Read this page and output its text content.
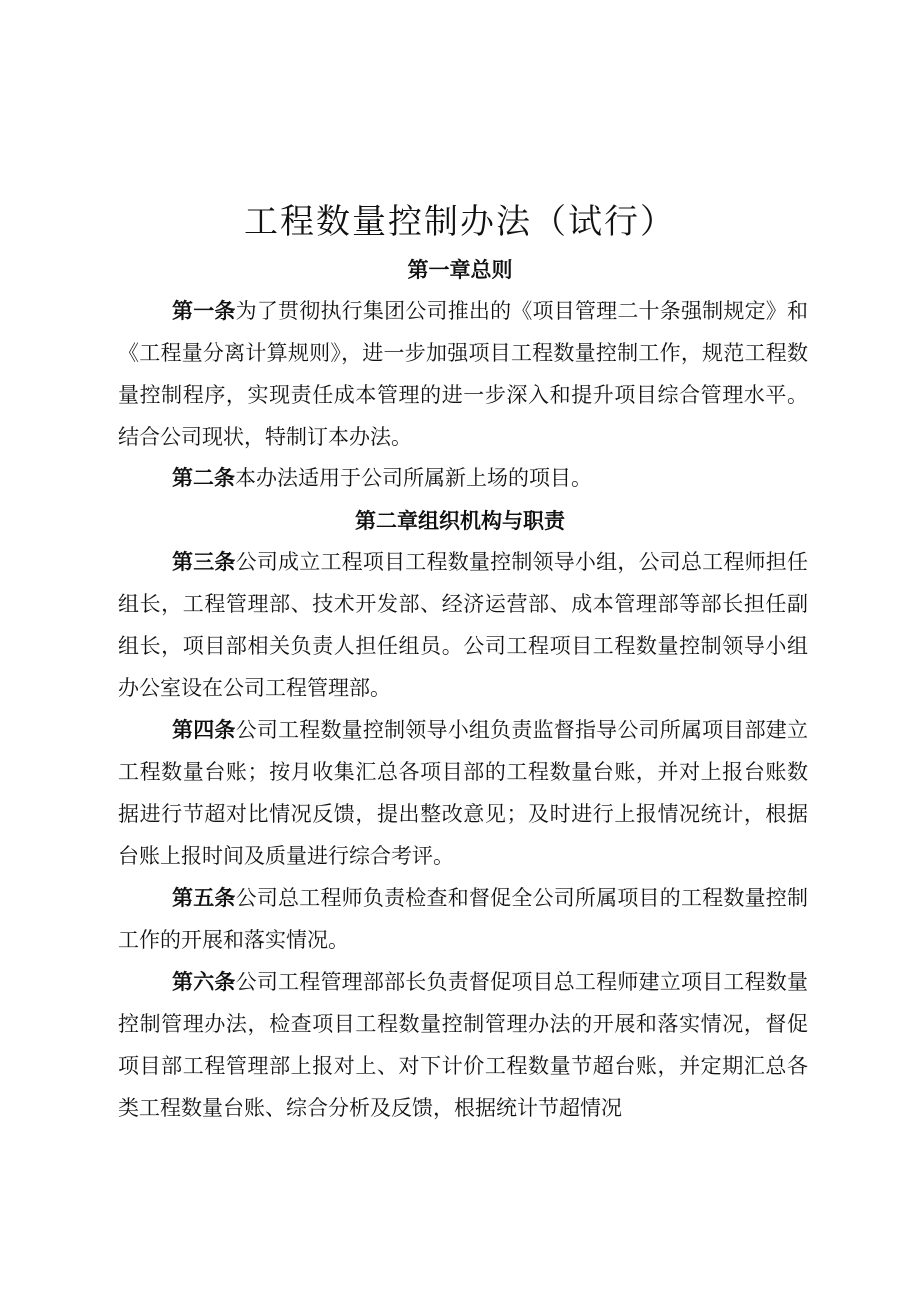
工程数量控制办法（试行）
第一章总则

第一条为了贯彻执行集团公司推出的《项目管理二十条强制规定》和《工程量分离计算规则》，进一步加强项目工程数量控制工作，规范工程数量控制程序，实现责任成本管理的进一步深入和提升项目综合管理水平。结合公司现状，特制订本办法。

第二条本办法适用于公司所属新上场的项目。

第二章组织机构与职责

第三条公司成立工程项目工程数量控制领导小组，公司总工程师担任组长，工程管理部、技术开发部、经济运营部、成本管理部等部长担任副组长，项目部相关负责人担任组员。公司工程项目工程数量控制领导小组办公室设在公司工程管理部。

第四条公司工程数量控制领导小组负责监督指导公司所属项目部建立工程数量台账；按月收集汇总各项目部的工程数量台账，并对上报台账数据进行节超对比情况反馈，提出整改意见；及时进行上报情况统计，根据台账上报时间及质量进行综合考评。

第五条公司总工程师负责检查和督促全公司所属项目的工程数量控制工作的开展和落实情况。

第六条公司工程管理部部长负责督促项目总工程师建立项目工程数量控制管理办法，检查项目工程数量控制管理办法的开展和落实情况，督促项目部工程管理部上报对上、对下计价工程数量节超台账，并定期汇总各类工程数量台账、综合分析及反馈，根据统计节超情况
